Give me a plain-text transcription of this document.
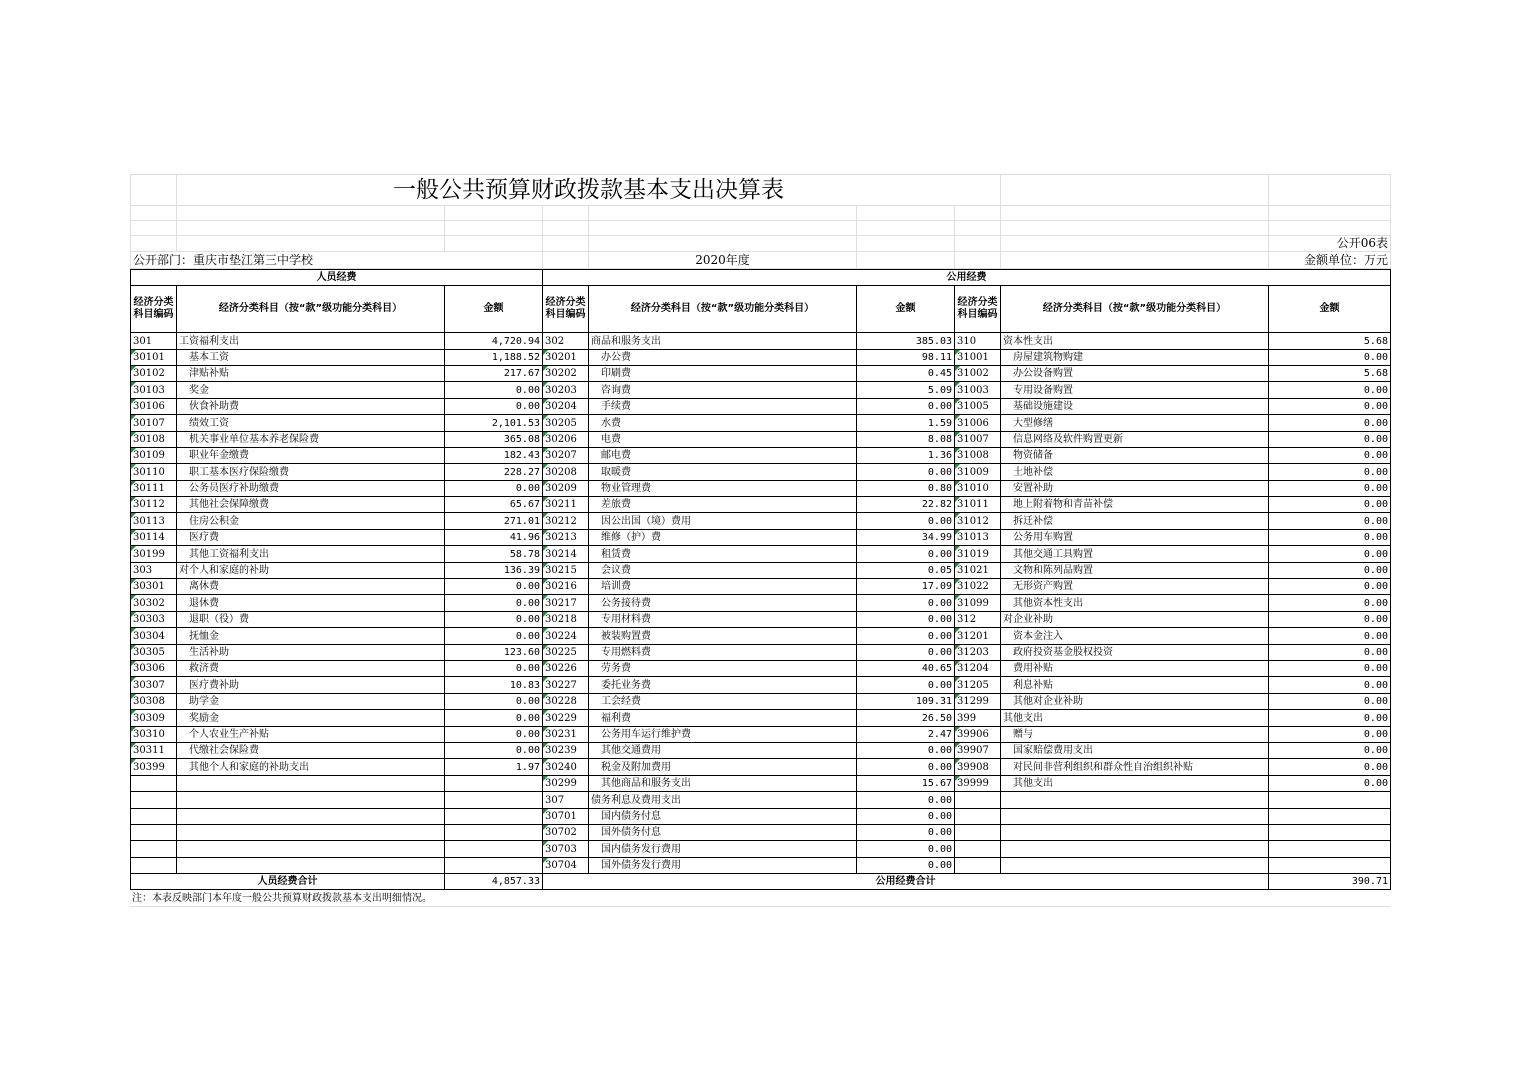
	一般公共预算财政拨款基本支出决算表							

								公开06表
公开部门：重庆市垫江第三中学校				2020年度				金额单位：万元
人员经费			公用经费					
经济分类科目编码	经济分类科目（按“款”级功能分类科目）	金额	经济分类科目编码	经济分类科目（按“款”级功能分类科目）	金额	经济分类科目编码	经济分类科目（按“款”级功能分类科目）	金额
301	工资福利支出	4,720.94	302	商品和服务支出	385.03	310	资本性支出	5.68
30101	基本工资	1,188.52	30201	办公费	98.11	31001	房屋建筑物购建	0.00
30102	津贴补贴	217.67	30202	印刷费	0.45	31002	办公设备购置	5.68
30103	奖金	0.00	30203	咨询费	5.09	31003	专用设备购置	0.00
30106	伙食补助费	0.00	30204	手续费	0.00	31005	基础设施建设	0.00
30107	绩效工资	2,101.53	30205	水费	1.59	31006	大型修缮	0.00
30108	机关事业单位基本养老保险费	365.08	30206	电费	8.08	31007	信息网络及软件购置更新	0.00
30109	职业年金缴费	182.43	30207	邮电费	1.36	31008	物资储备	0.00
30110	职工基本医疗保险缴费	228.27	30208	取暖费	0.00	31009	土地补偿	0.00
30111	公务员医疗补助缴费	0.00	30209	物业管理费	0.80	31010	安置补助	0.00
30112	其他社会保障缴费	65.67	30211	差旅费	22.82	31011	地上附着物和青苗补偿	0.00
30113	住房公积金	271.01	30212	因公出国（境）费用	0.00	31012	拆迁补偿	0.00
30114	医疗费	41.96	30213	维修（护）费	34.99	31013	公务用车购置	0.00
30199	其他工资福利支出	58.78	30214	租赁费	0.00	31019	其他交通工具购置	0.00
303	对个人和家庭的补助	136.39	30215	会议费	0.05	31021	文物和陈列品购置	0.00
30301	离休费	0.00	30216	培训费	17.09	31022	无形资产购置	0.00
30302	退休费	0.00	30217	公务接待费	0.00	31099	其他资本性支出	0.00
30303	退职（役）费	0.00	30218	专用材料费	0.00	312	对企业补助	0.00
30304	抚恤金	0.00	30224	被装购置费	0.00	31201	资本金注入	0.00
30305	生活补助	123.60	30225	专用燃料费	0.00	31203	政府投资基金股权投资	0.00
30306	救济费	0.00	30226	劳务费	40.65	31204	费用补贴	0.00
30307	医疗费补助	10.83	30227	委托业务费	0.00	31205	利息补贴	0.00
30308	助学金	0.00	30228	工会经费	109.31	31299	其他对企业补助	0.00
30309	奖励金	0.00	30229	福利费	26.50	399	其他支出	0.00
30310	个人农业生产补贴	0.00	30231	公务用车运行维护费	2.47	39906	赠与	0.00
30311	代缴社会保险费	0.00	30239	其他交通费用	0.00	39907	国家赔偿费用支出	0.00
30399	其他个人和家庭的补助支出	1.97	30240	税金及附加费用	0.00	39908	对民间非营利组织和群众性自治组织补贴	0.00
			30299	其他商品和服务支出	15.67	39999	其他支出	0.00
			307	债务利息及费用支出	0.00			
			30701	国内债务付息	0.00			
			30702	国外债务付息	0.00			
			30703	国内债务发行费用	0.00			
			30704	国外债务发行费用	0.00			
人员经费合计		4,857.33	公用经费合计					390.71
注：本表反映部门本年度一般公共预算财政拨款基本支出明细情况。
